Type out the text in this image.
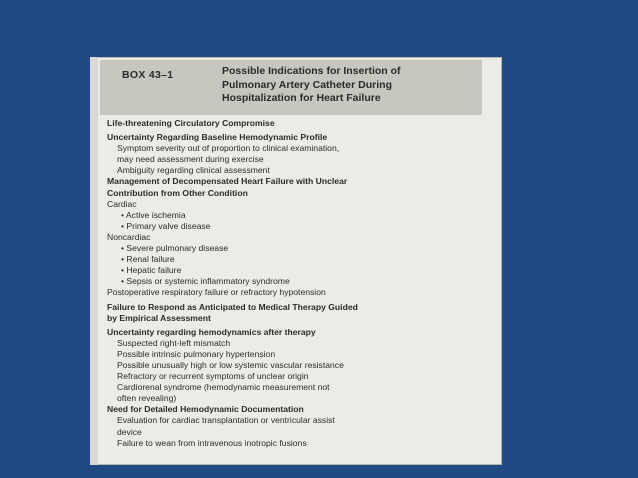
BOX 43–1	Possible Indications for Insertion of
Pulmonary Artery Catheter During
Hospitalization for Heart Failure
Life-threatening Circulatory Compromise
Uncertainty Regarding Baseline Hemodynamic Profile
Symptom severity out of proportion to clinical examination,
may need assessment during exercise
Ambiguity regarding clinical assessment
Management of Decompensated Heart Failure with Unclear
Contribution from Other Condition
Cardiac
• Active ischemia
• Primary valve disease
Noncardiac
• Severe pulmonary disease
• Renal failure
• Hepatic failure
• Sepsis or systemic inflammatory syndrome
Postoperative respiratory failure or refractory hypotension
Failure to Respond as Anticipated to Medical Therapy Guided
by Empirical Assessment
Uncertainty regarding hemodynamics after therapy
Suspected right-left mismatch
Possible intrinsic pulmonary hypertension
Possible unusually high or low systemic vascular resistance
Refractory or recurrent symptoms of unclear origin
Cardiorenal syndrome (hemodynamic measurement not
often revealing)
Need for Detailed Hemodynamic Documentation
Evaluation for cardiac transplantation or ventricular assist
device
Failure to wean from intravenous inotropic fusions
